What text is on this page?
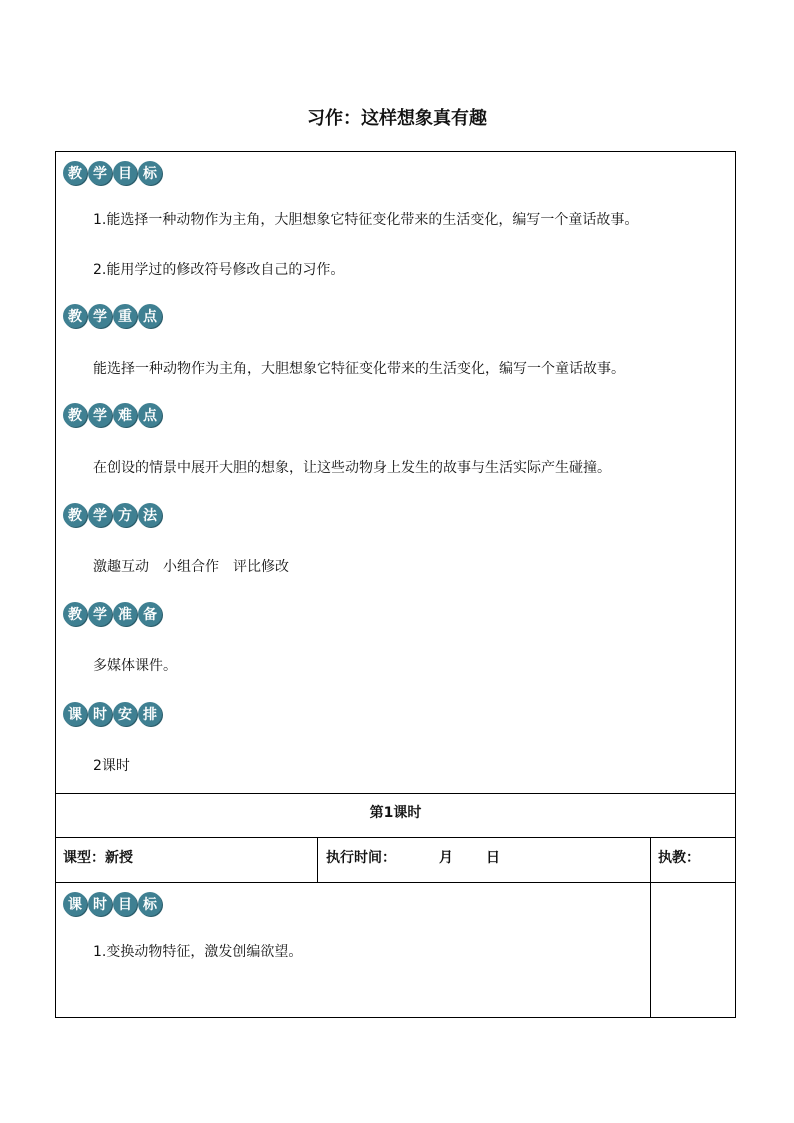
习作：这样想象真有趣
教 学 目 标
1.能选择一种动物作为主角，大胆想象它特征变化带来的生活变化，编写一个童话故事。
2.能用学过的修改符号修改自己的习作。
教 学 重 点
能选择一种动物作为主角，大胆想象它特征变化带来的生活变化，编写一个童话故事。
教 学 难 点
在创设的情景中展开大胆的想象，让这些动物身上发生的故事与生活实际产生碰撞。
教 学 方 法
激趣互动　小组合作　评比修改
教 学 准 备
多媒体课件。
课 时 安 排
2课时
第1课时
课型：新授	执行时间：	月 日	执教：
课 时 目 标
1.变换动物特征，激发创编欲望。
